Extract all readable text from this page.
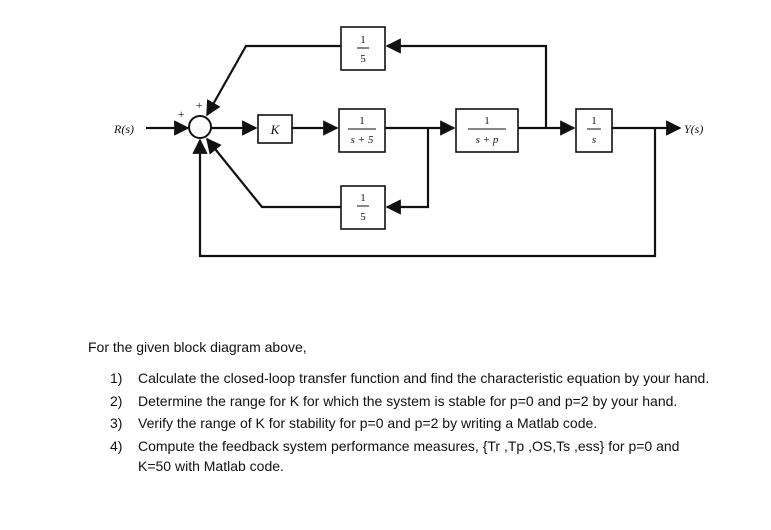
R(s)
+
+
K
1
s + 5
1
s + p
1
s
Y(s)
1
5
1
5
For the given block diagram above,
1) Calculate the closed-loop transfer function and find the characteristic equation by your hand.
2) Determine the range for K for which the system is stable for p=0 and p=2 by your hand.
3) Verify the range of K for stability for p=0 and p=2 by writing a Matlab code.
4) Compute the feedback system performance measures, {Tr ,Tp ,OS,Ts ,ess} for p=0 and K=50 with Matlab code.
